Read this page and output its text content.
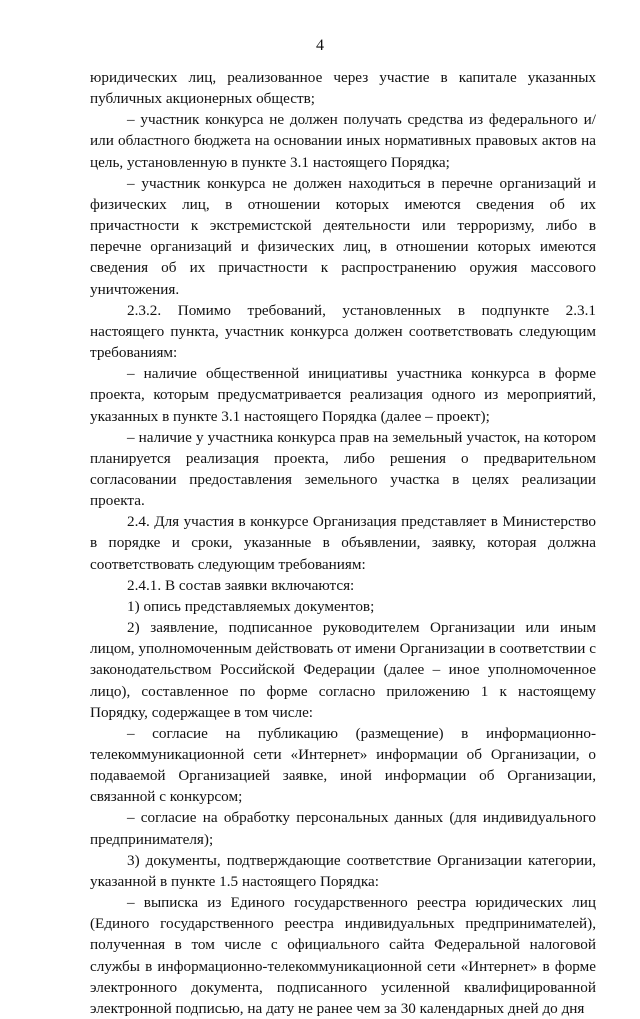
4

юридических лиц, реализованное через участие в капитале указанных публичных акционерных обществ;

– участник конкурса не должен получать средства из федерального и/или областного бюджета на основании иных нормативных правовых актов на цель, установленную в пункте 3.1 настоящего Порядка;

– участник конкурса не должен находиться в перечне организаций и физических лиц, в отношении которых имеются сведения об их причастности к экстремистской деятельности или терроризму, либо в перечне организаций и физических лиц, в отношении которых имеются сведения об их причастности к распространению оружия массового уничтожения.

2.3.2. Помимо требований, установленных в подпункте 2.3.1 настоящего пункта, участник конкурса должен соответствовать следующим требованиям:

– наличие общественной инициативы участника конкурса в форме проекта, которым предусматривается реализация одного из мероприятий, указанных в пункте 3.1 настоящего Порядка (далее – проект);

– наличие у участника конкурса прав на земельный участок, на котором планируется реализация проекта, либо решения о предварительном согласовании предоставления земельного участка в целях реализации проекта.

2.4. Для участия в конкурсе Организация представляет в Министерство в порядке и сроки, указанные в объявлении, заявку, которая должна соответствовать следующим требованиям:

2.4.1. В состав заявки включаются:

1) опись представляемых документов;

2) заявление, подписанное руководителем Организации или иным лицом, уполномоченным действовать от имени Организации в соответствии с законодательством Российской Федерации (далее – иное уполномоченное лицо), составленное по форме согласно приложению 1 к настоящему Порядку, содержащее в том числе:

– согласие на публикацию (размещение) в информационно-телекоммуникационной сети «Интернет» информации об Организации, о подаваемой Организацией заявке, иной информации об Организации, связанной с конкурсом;

– согласие на обработку персональных данных (для индивидуального предпринимателя);

3) документы, подтверждающие соответствие Организации категории, указанной в пункте 1.5 настоящего Порядка:

– выписка из Единого государственного реестра юридических лиц (Единого государственного реестра индивидуальных предпринимателей), полученная в том числе с официального сайта Федеральной налоговой службы в информационно-телекоммуникационной сети «Интернет» в форме электронного документа, подписанного усиленной квалифицированной электронной подписью, на дату не ранее чем за 30 календарных дней до дня
